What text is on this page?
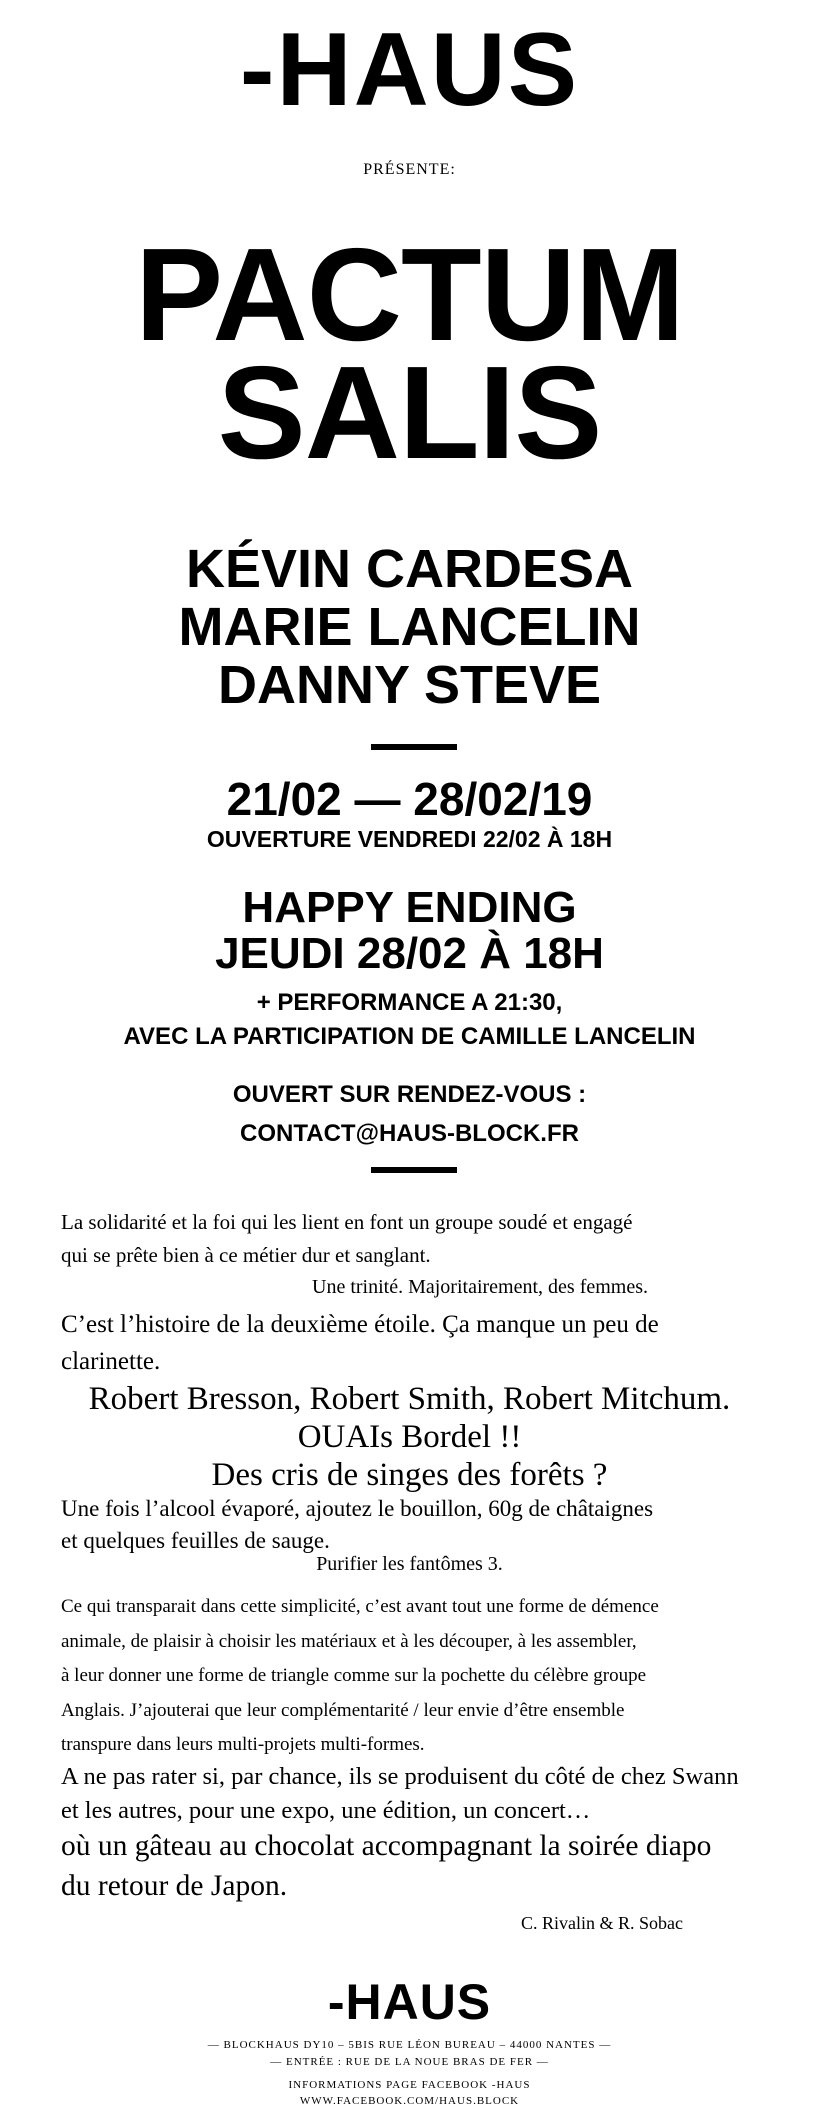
-HAUS
PRÉSENTE:
PACTUM
SALIS
KÉVIN CARDESA
MARIE LANCELIN
DANNY STEVE
21/02 — 28/02/19
OUVERTURE VENDREDI 22/02 À 18H
HAPPY ENDING
JEUDI 28/02 À 18H
+ PERFORMANCE A 21:30,
AVEC LA PARTICIPATION DE CAMILLE LANCELIN
OUVERT SUR RENDEZ-VOUS :
CONTACT@HAUS-BLOCK.FR
La solidarité et la foi qui les lient en font un groupe soudé et engagé
qui se prête bien à ce métier dur et sanglant.
Une trinité. Majoritairement, des femmes.
C’est l’histoire de la deuxième étoile. Ça manque un peu de
clarinette.
Robert Bresson, Robert Smith, Robert Mitchum.
OUAIs Bordel !!
Des cris de singes des forêts ?
Une fois l’alcool évaporé, ajoutez le bouillon, 60g de châtaignes
et quelques feuilles de sauge.
Purifier les fantômes 3.
Ce qui transparait dans cette simplicité, c’est avant tout une forme de démence
animale, de plaisir à choisir les matériaux et à les découper, à les assembler,
à leur donner une forme de triangle comme sur la pochette du célèbre groupe
Anglais. J’ajouterai que leur complémentarité / leur envie d’être ensemble
transpure dans leurs multi-projets multi-formes.
A ne pas rater si, par chance, ils se produisent du côté de chez Swann
et les autres, pour une expo, une édition, un concert…
où un gâteau au chocolat accompagnant la soirée diapo
du retour de Japon.
C. Rivalin & R. Sobac
-HAUS
— BLOCKHAUS DY10 – 5BIS RUE LÉON BUREAU – 44000 NANTES —
— ENTRÉE : RUE DE LA NOUE BRAS DE FER —
INFORMATIONS PAGE FACEBOOK -HAUS
WWW.FACEBOOK.COM/HAUS.BLOCK
